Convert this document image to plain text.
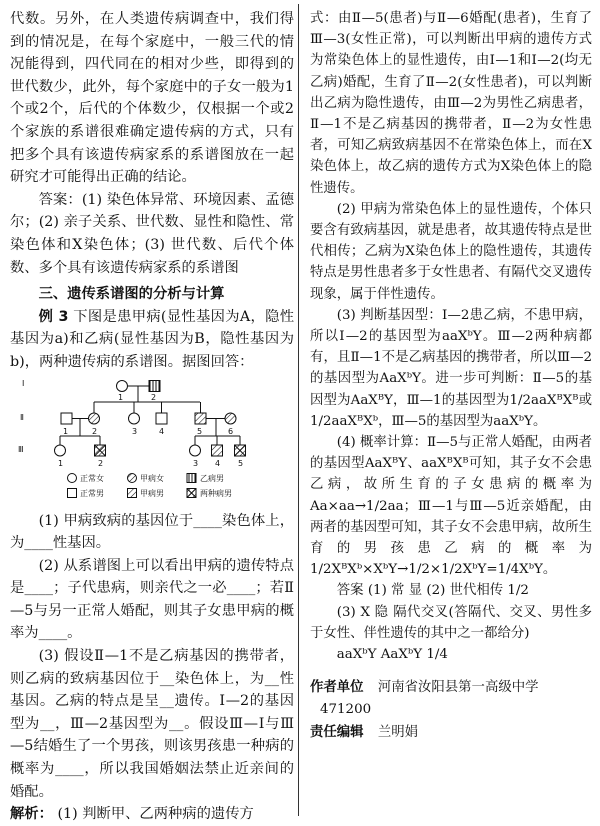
代数。另外，在人类遗传病调查中，我们得到的情况是，在每个家庭中，一般三代的情况能得到，四代同在的相对少些，即得到的世代数少，此外，每个家庭中的子女一般为1个或2个，后代的个体数少，仅根据一个或2个家族的系谱很难确定遗传病的方式，只有把多个具有该遗传病家系的系谱图放在一起研究才可能得出正确的结论。

答案：(1) 染色体异常、环境因素、孟德尔；(2) 亲子关系、世代数、显性和隐性、常染色体和X染色体；(3) 世代数、后代个体数、多个具有该遗传病家系的系谱图

三、遗传系谱图的分析与计算

例 3 下图是患甲病(显性基因为A，隐性基因为a)和乙病(显性基因为B，隐性基因为b)，两种遗传病的系谱图。据图回答：

Ⅰ
Ⅱ
Ⅲ
1	2
1	2	3	4	5	6
1	2	3 4 5
正常女	甲病女	乙病男
正常男	甲病男	两种病男

(1) 甲病致病的基因位于____染色体上，为____性基因。

(2) 从系谱图上可以看出甲病的遗传特点是____；子代患病，则亲代之一必____；若Ⅱ—5与另一正常人婚配，则其子女患甲病的概率为____。

(3) 假设Ⅱ—1不是乙病基因的携带者，则乙病的致病基因位于__染色体上，为__性基因。乙病的特点是呈__遗传。Ⅰ—2的基因型为__，Ⅲ—2基因型为__。假设Ⅲ—Ⅰ与Ⅲ—5结婚生了一个男孩，则该男孩患一种病的概率为____，所以我国婚姻法禁止近亲间的婚配。

解析： (1) 判断甲、乙两种病的遗传方

式：由Ⅱ—5(患者)与Ⅱ—6婚配(患者)，生育了Ⅲ—3(女性正常)，可以判断出甲病的遗传方式为常染色体上的显性遗传，由Ⅰ—1和Ⅰ—2(均无乙病)婚配，生育了Ⅱ—2(女性患者)，可以判断出乙病为隐性遗传，由Ⅲ—2为男性乙病患者，Ⅱ—1不是乙病基因的携带者，Ⅱ—2为女性患者，可知乙病致病基因不在常染色体上，而在X染色体上，故乙病的遗传方式为X染色体上的隐性遗传。

(2) 甲病为常染色体上的显性遗传，个体只要含有致病基因，就是患者，故其遗传特点是世代相传；乙病为X染色体上的隐性遗传，其遗传特点是男性患者多于女性患者、有隔代交叉遗传现象，属于伴性遗传。

(3) 判断基因型：Ⅰ—2患乙病，不患甲病，所以Ⅰ—2的基因型为aaXᵇY。Ⅲ—2两种病都有，且Ⅱ—1不是乙病基因的携带者，所以Ⅲ—2的基因型为AaXᵇY。进一步可判断：Ⅱ—5的基因型为AaXᴮY，Ⅲ—1的基因型为1/2aaXᴮXᴮ或1/2aaXᴮXᵇ，Ⅲ—5的基因型为aaXᵇY。

(4) 概率计算：Ⅱ—5与正常人婚配，由两者的基因型AaXᴮY、aaXᴮXᴮ可知，其子女不会患乙病，故所生育的子女患病的概率为Aa×aa→1/2aa；Ⅲ—1与Ⅲ—5近亲婚配，由两者的基因型可知，其子女不会患甲病，故所生育的男孩患乙病的概率为1/2XᴮXᵇ×XᵇY→1/2×1/2XᵇY=1/4XᵇY。

答案 (1) 常 显 (2) 世代相传 1/2

(3) X 隐 隔代交叉(答隔代、交叉、男性多于女性、伴性遗传的其中之一都给分)

aaXᵇY AaXᵇY 1/4

作者单位 河南省汝阳县第一高级中学 471200
责任编辑 兰明娟
